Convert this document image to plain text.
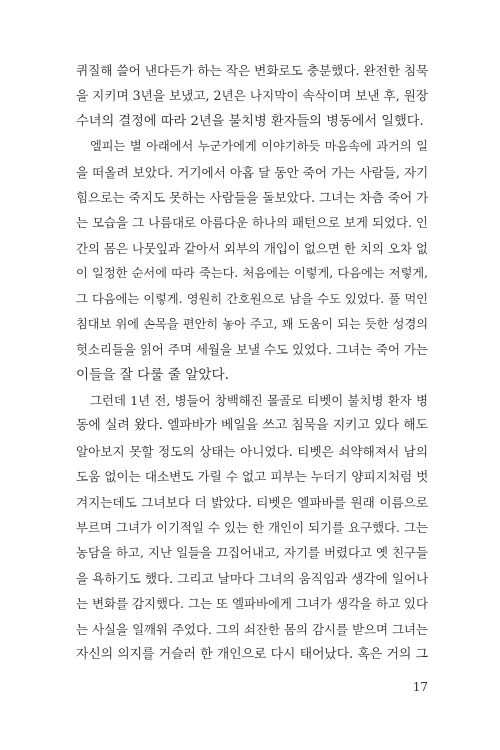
퀴질해 쓸어 낸다든가 하는 작은 변화로도 충분했다. 완전한 침묵
을 지키며 3년을 보냈고, 2년은 나지막이 속삭이며 보낸 후, 원장
수녀의 결정에 따라 2년을 불치병 환자들의 병동에서 일했다.
엘피는 별 아래에서 누군가에게 이야기하듯 마음속에 과거의 일
을 떠올려 보았다. 거기에서 아홉 달 동안 죽어 가는 사람들, 자기
힘으로는 죽지도 못하는 사람들을 돌보았다. 그녀는 차츰 죽어 가
는 모습을 그 나름대로 아름다운 하나의 패턴으로 보게 되었다. 인
간의 몸은 나뭇잎과 같아서 외부의 개입이 없으면 한 치의 오차 없
이 일정한 순서에 따라 죽는다. 처음에는 이렇게, 다음에는 저렇게,
그 다음에는 이렇게. 영원히 간호원으로 남을 수도 있었다. 풀 먹인
침대보 위에 손목을 편안히 놓아 주고, 꽤 도움이 되는 듯한 성경의
헛소리들을 읽어 주며 세월을 보낼 수도 있었다. 그녀는 죽어 가는
이들을 잘 다룰 줄 알았다.
그런데 1년 전, 병들어 창백해진 몰골로 티벳이 불치병 환자 병
동에 실려 왔다. 엘파바가 베일을 쓰고 침묵을 지키고 있다 해도
알아보지 못할 정도의 상태는 아니었다. 티벳은 쇠약해져서 남의
도움 없이는 대소변도 가릴 수 없고 피부는 누더기 양피지처럼 벗
겨지는데도 그녀보다 더 밝았다. 티벳은 엘파바를 원래 이름으로
부르며 그녀가 이기적일 수 있는 한 개인이 되기를 요구했다. 그는
농담을 하고, 지난 일들을 끄집어내고, 자기를 버렸다고 옛 친구들
을 욕하기도 했다. 그리고 날마다 그녀의 움직임과 생각에 일어나
는 변화를 감지했다. 그는 또 엘파바에게 그녀가 생각을 하고 있다
는 사실을 일깨워 주었다. 그의 쇠잔한 몸의 감시를 받으며 그녀는
자신의 의지를 거슬러 한 개인으로 다시 태어났다. 혹은 거의 그
17
